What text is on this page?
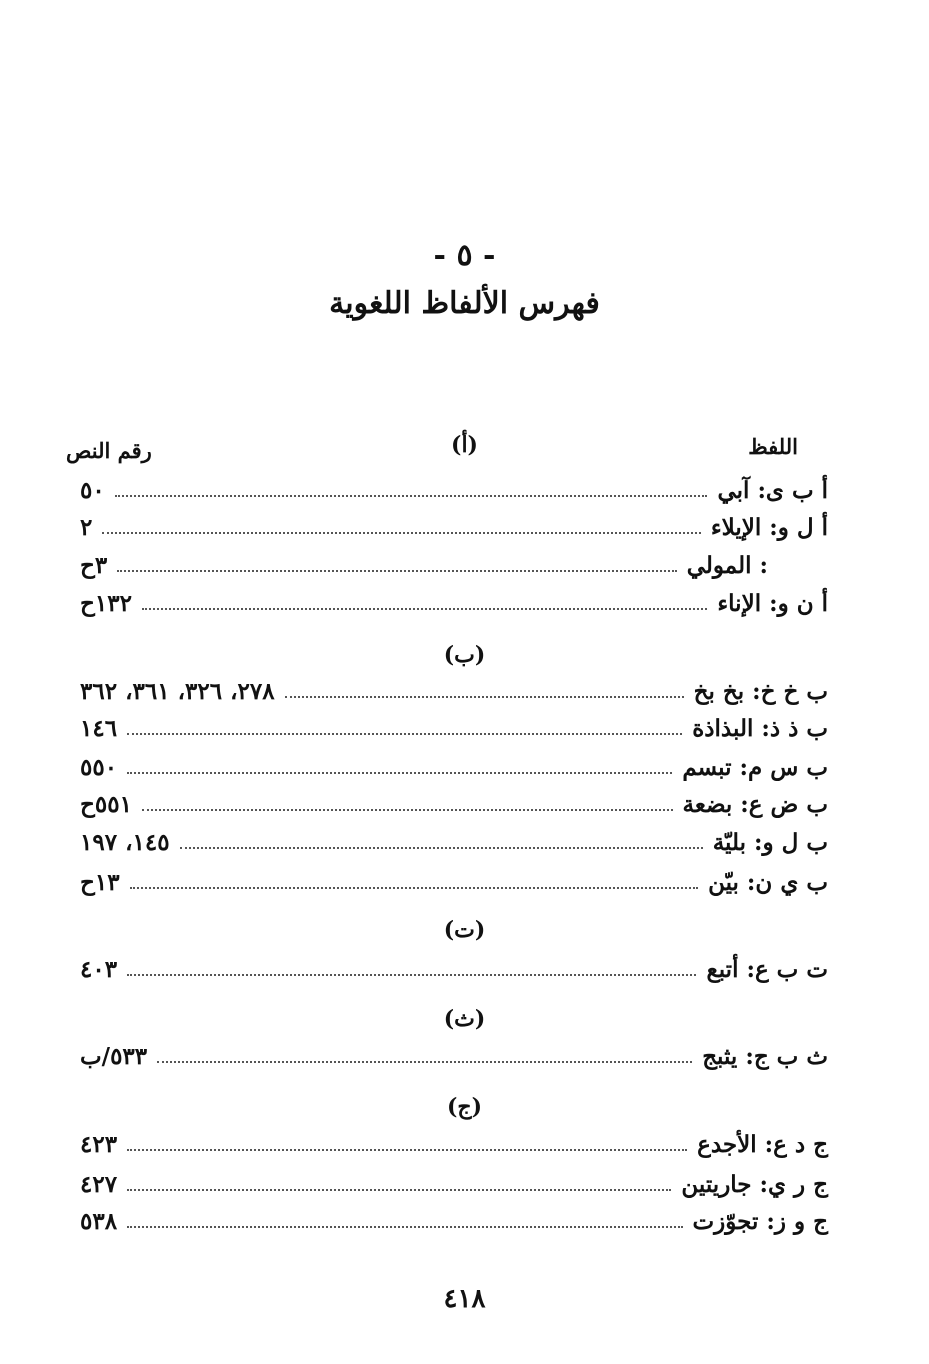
- ٥ -
فهرس الألفاظ اللغوية
اللفظ
رقم النص	(أ)
أ ب ى: آبي
٥٠
أ ل و: الإيلاء
٢
: المولي
٣ح
أ ن و: الإناء
١٣٢ح
(ب)
ب خ خ: بخ بخ
٢٧٨، ٣٢٦، ٣٦١، ٣٦٢
ب ذ ذ: البذاذة
١٤٦
ب س م: تبسم
٥٥٠
ب ض ع: بضعة
٥٥١ح
ب ل و: بليّة
١٤٥، ١٩٧
ب ي ن: بيّن
١٣ح
(ت)
ت ب ع: أتبع
٤٠٣
(ث)
ث ب ج: يثبج
٥٣٣/ب
(ج)
ج د ع: الأجدع
٤٢٣
ج ر ي: جاريتين
٤٢٧
ج و ز: تجوّزت
٥٣٨
٤١٨
